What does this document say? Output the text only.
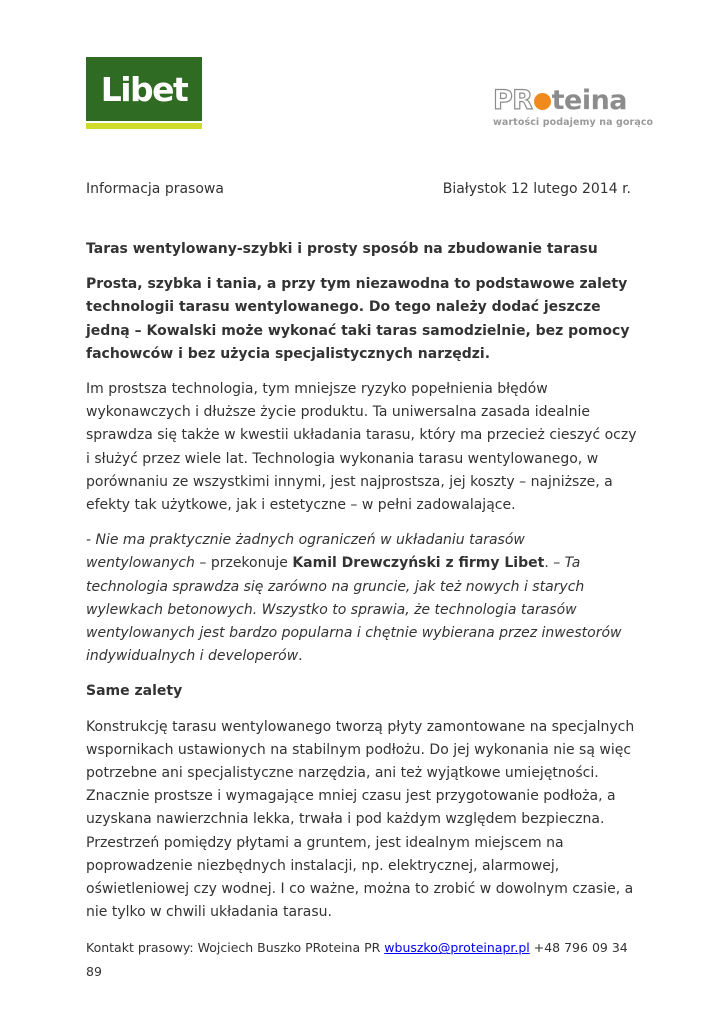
Libet	PR teina
wartości podajemy na gorąco
Informacja prasowa	Białystok 12 lutego 2014 r.

Taras wentylowany-szybki i prosty sposób na zbudowanie tarasu

Prosta, szybka i tania, a przy tym niezawodna to podstawowe zalety technologii tarasu wentylowanego. Do tego należy dodać jeszcze jedną – Kowalski może wykonać taki taras samodzielnie, bez pomocy fachowców i bez użycia specjalistycznych narzędzi.

Im prostsza technologia, tym mniejsze ryzyko popełnienia błędów wykonawczych i dłuższe życie produktu. Ta uniwersalna zasada idealnie sprawdza się także w kwestii układania tarasu, który ma przecież cieszyć oczy i służyć przez wiele lat. Technologia wykonania tarasu wentylowanego, w porównaniu ze wszystkimi innymi, jest najprostsza, jej koszty – najniższe, a efekty tak użytkowe, jak i estetyczne – w pełni zadowalające.

- Nie ma praktycznie żadnych ograniczeń w układaniu tarasów wentylowanych – przekonuje Kamil Drewczyński z firmy Libet. – Ta technologia sprawdza się zarówno na gruncie, jak też nowych i starych wylewkach betonowych. Wszystko to sprawia, że technologia tarasów wentylowanych jest bardzo popularna i chętnie wybierana przez inwestorów indywidualnych i developerów.

Same zalety

Konstrukcję tarasu wentylowanego tworzą płyty zamontowane na specjalnych wspornikach ustawionych na stabilnym podłożu. Do jej wykonania nie są więc potrzebne ani specjalistyczne narzędzia, ani też wyjątkowe umiejętności. Znacznie prostsze i wymagające mniej czasu jest przygotowanie podłoża, a uzyskana nawierzchnia lekka, trwała i pod każdym względem bezpieczna. Przestrzeń pomiędzy płytami a gruntem, jest idealnym miejscem na poprowadzenie niezbędnych instalacji, np. elektrycznej, alarmowej, oświetleniowej czy wodnej. I co ważne, można to zrobić w dowolnym czasie, a nie tylko w chwili układania tarasu.

Kontakt prasowy: Wojciech Buszko PRoteina PR wbuszko@proteinapr.pl +48 796 09 34 89
